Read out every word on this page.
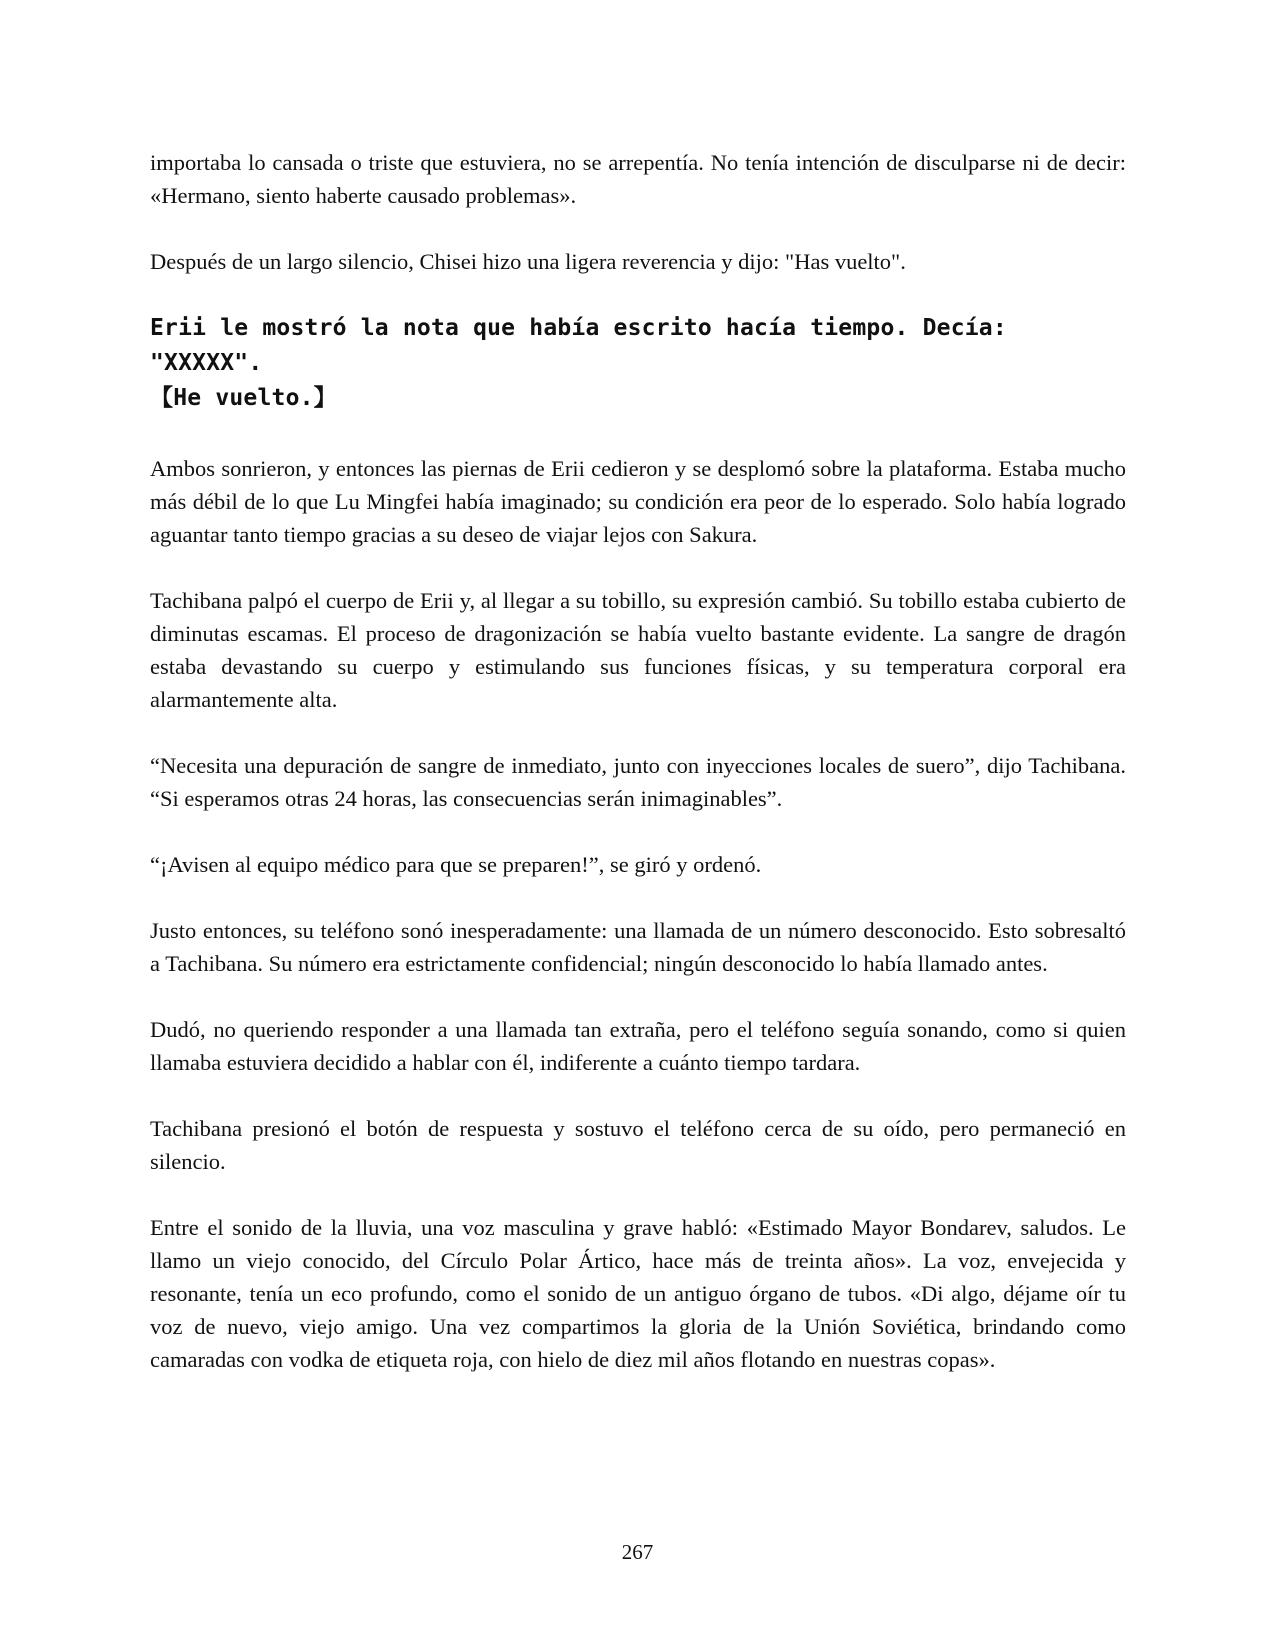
importaba lo cansada o triste que estuviera, no se arrepentía. No tenía intención de disculparse ni de decir: «Hermano, siento haberte causado problemas».

Después de un largo silencio, Chisei hizo una ligera reverencia y dijo: "Has vuelto".

Erii le mostró la nota que había escrito hacía tiempo. Decía: "XXXXX".
【He vuelto.】

Ambos sonrieron, y entonces las piernas de Erii cedieron y se desplomó sobre la plataforma. Estaba mucho más débil de lo que Lu Mingfei había imaginado; su condición era peor de lo esperado. Solo había logrado aguantar tanto tiempo gracias a su deseo de viajar lejos con Sakura.

Tachibana palpó el cuerpo de Erii y, al llegar a su tobillo, su expresión cambió. Su tobillo estaba cubierto de diminutas escamas. El proceso de dragonización se había vuelto bastante evidente. La sangre de dragón estaba devastando su cuerpo y estimulando sus funciones físicas, y su temperatura corporal era alarmantemente alta.

“Necesita una depuración de sangre de inmediato, junto con inyecciones locales de suero”, dijo Tachibana. “Si esperamos otras 24 horas, las consecuencias serán inimaginables”.

“¡Avisen al equipo médico para que se preparen!”, se giró y ordenó.

Justo entonces, su teléfono sonó inesperadamente: una llamada de un número desconocido. Esto sobresaltó a Tachibana. Su número era estrictamente confidencial; ningún desconocido lo había llamado antes.

Dudó, no queriendo responder a una llamada tan extraña, pero el teléfono seguía sonando, como si quien llamaba estuviera decidido a hablar con él, indiferente a cuánto tiempo tardara.

Tachibana presionó el botón de respuesta y sostuvo el teléfono cerca de su oído, pero permaneció en silencio.

Entre el sonido de la lluvia, una voz masculina y grave habló: «Estimado Mayor Bondarev, saludos. Le llamo un viejo conocido, del Círculo Polar Ártico, hace más de treinta años». La voz, envejecida y resonante, tenía un eco profundo, como el sonido de un antiguo órgano de tubos. «Di algo, déjame oír tu voz de nuevo, viejo amigo. Una vez compartimos la gloria de la Unión Soviética, brindando como camaradas con vodka de etiqueta roja, con hielo de diez mil años flotando en nuestras copas».

267
